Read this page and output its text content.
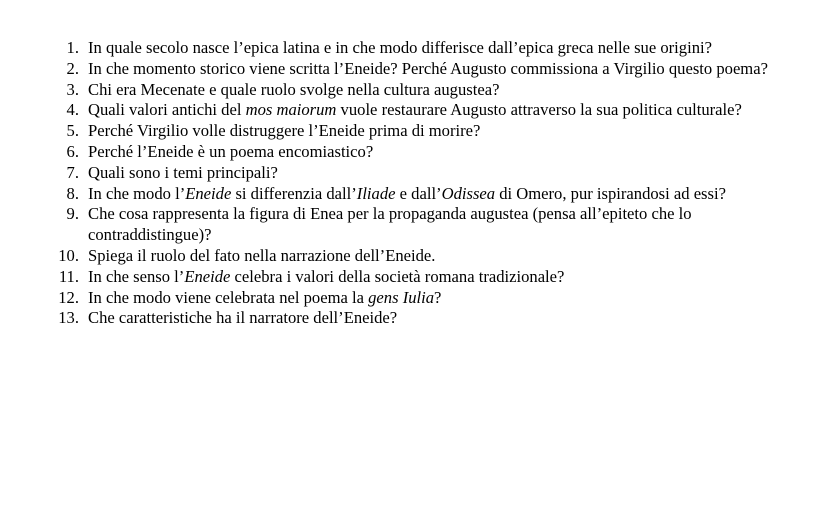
1. In quale secolo nasce l’epica latina e in che modo differisce dall’epica greca nelle sue origini?
2. In che momento storico viene scritta l’Eneide? Perché Augusto commissiona a Virgilio questo poema?
3. Chi era Mecenate e quale ruolo svolge nella cultura augustea?
4. Quali valori antichi del mos maiorum vuole restaurare Augusto attraverso la sua politica culturale?
5. Perché Virgilio volle distruggere l’Eneide prima di morire?
6. Perché l’Eneide è un poema encomiastico?
7. Quali sono i temi principali?
8. In che modo l’Eneide si differenzia dall’Iliade e dall’Odissea di Omero, pur ispirandosi ad essi?
9. Che cosa rappresenta la figura di Enea per la propaganda augustea (pensa all’epiteto che lo contraddistingue)?
10. Spiega il ruolo del fato nella narrazione dell’Eneide.
11. In che senso l’Eneide celebra i valori della società romana tradizionale?
12. In che modo viene celebrata nel poema la gens Iulia?
13. Che caratteristiche ha il narratore dell’Eneide?
